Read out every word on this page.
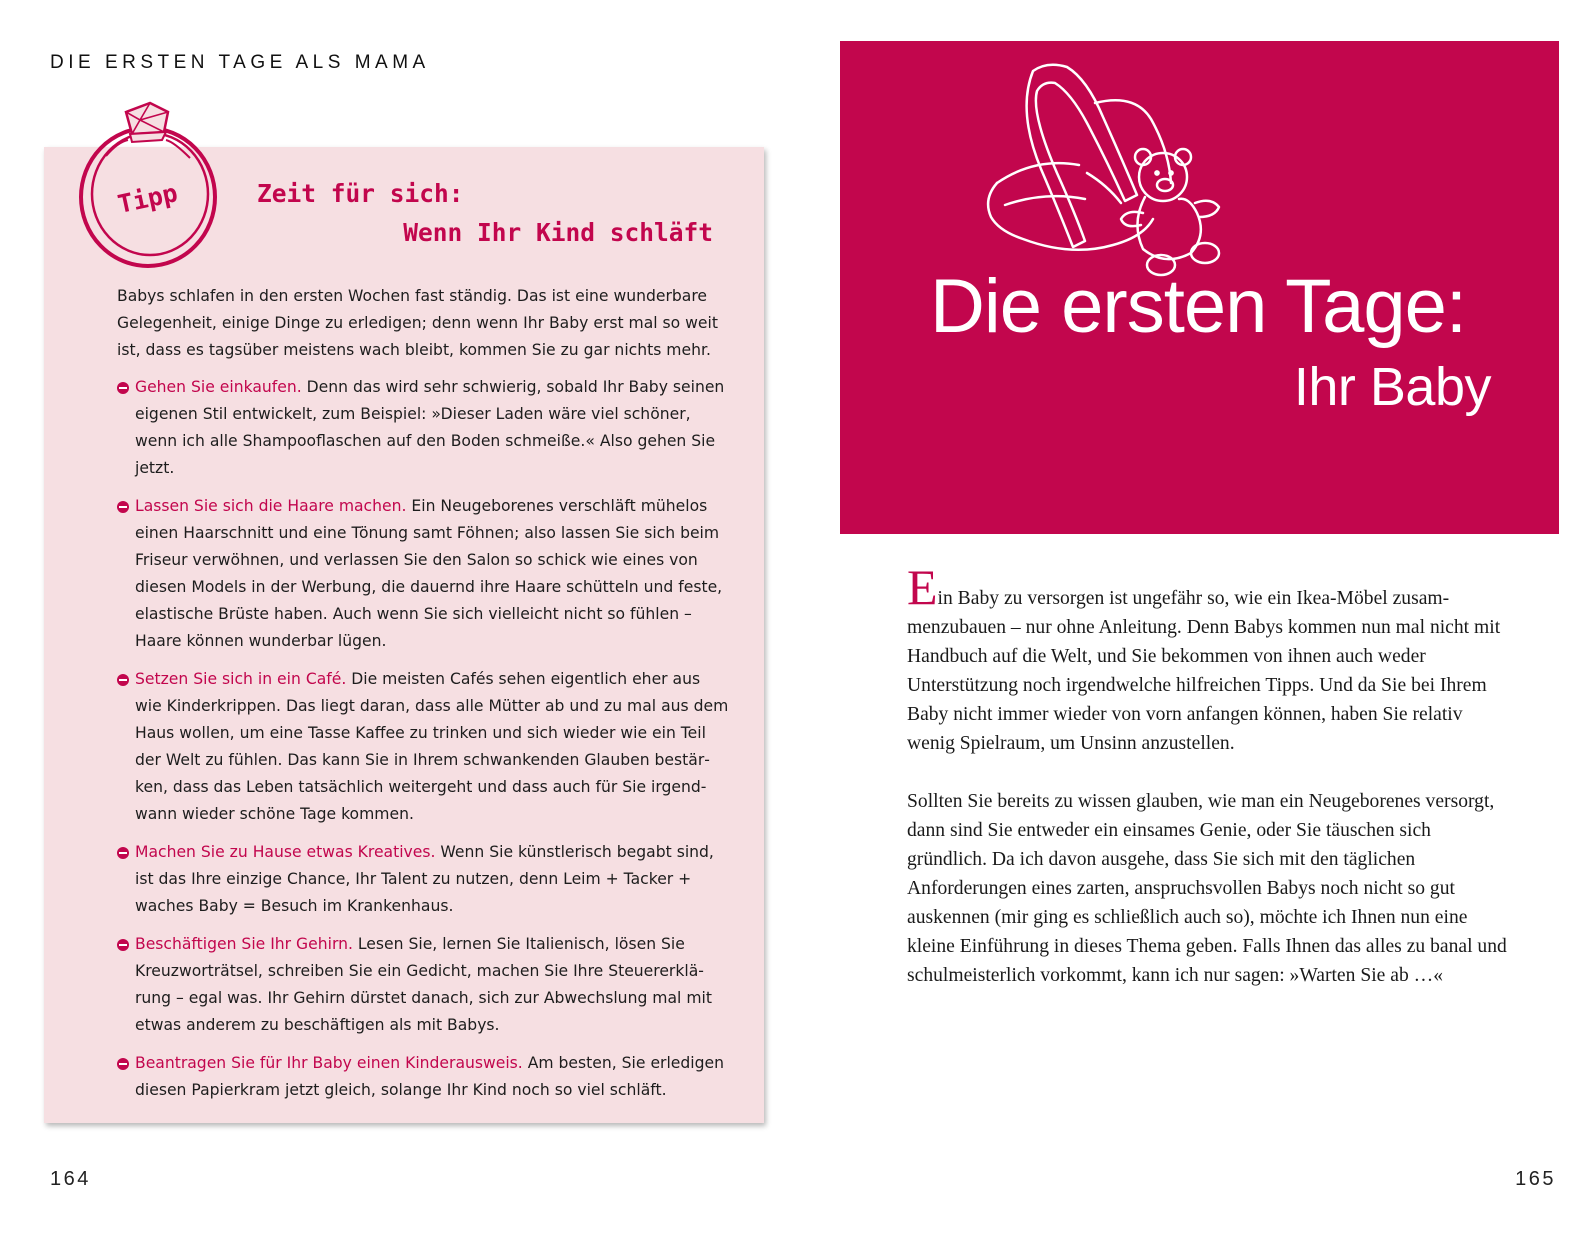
DIE ERSTEN TAGE ALS MAMA
Tipp	Zeit für sich:
Wenn Ihr Kind schläft

Babys schlafen in den ersten Wochen fast ständig. Das ist eine wunderbare Gelegenheit, einige Dinge zu erledigen; denn wenn Ihr Baby erst mal so weit ist, dass es tagsüber meistens wach bleibt, kommen Sie zu gar nichts mehr.

Gehen Sie einkaufen. Denn das wird sehr schwierig, sobald Ihr Baby seinen eigenen Stil entwickelt, zum Beispiel: »Dieser Laden wäre viel schöner, wenn ich alle Shampooflaschen auf den Boden schmeiße.« Also gehen Sie jetzt.
Lassen Sie sich die Haare machen. Ein Neugeborenes verschläft mühelos einen Haarschnitt und eine Tönung samt Föhnen; also lassen Sie sich beim Friseur verwöhnen, und verlassen Sie den Salon so schick wie eines von diesen Models in der Werbung, die dauernd ihre Haare schütteln und feste, elastische Brüste haben. Auch wenn Sie sich vielleicht nicht so fühlen – Haare können wunderbar lügen.
Setzen Sie sich in ein Café. Die meisten Cafés sehen eigentlich eher aus wie Kinderkrippen. Das liegt daran, dass alle Mütter ab und zu mal aus dem Haus wollen, um eine Tasse Kaffee zu trinken und sich wieder wie ein Teil der Welt zu fühlen. Das kann Sie in Ihrem schwankenden Glauben bestärken, dass das Leben tatsächlich weitergeht und dass auch für Sie irgendwann wieder schöne Tage kommen.
Machen Sie zu Hause etwas Kreatives. Wenn Sie künstlerisch begabt sind, ist das Ihre einzige Chance, Ihr Talent zu nutzen, denn Leim + Tacker + waches Baby = Besuch im Krankenhaus.
Beschäftigen Sie Ihr Gehirn. Lesen Sie, lernen Sie Italienisch, lösen Sie Kreuzworträtsel, schreiben Sie ein Gedicht, machen Sie Ihre Steuererklärung – egal was. Ihr Gehirn dürstet danach, sich zur Abwechslung mal mit etwas anderem zu beschäftigen als mit Babys.
Beantragen Sie für Ihr Baby einen Kinderausweis. Am besten, Sie erledigen diesen Papierkram jetzt gleich, solange Ihr Kind noch so viel schläft.
Die ersten Tage:
Ihr Baby

Ein Baby zu versorgen ist ungefähr so, wie ein Ikea-Möbel zusammenzubauen – nur ohne Anleitung. Denn Babys kommen nun mal nicht mit Handbuch auf die Welt, und Sie bekommen von ihnen auch weder Unterstützung noch irgendwelche hilfreichen Tipps. Und da Sie bei Ihrem Baby nicht immer wieder von vorn anfangen können, haben Sie relativ wenig Spielraum, um Unsinn anzustellen.

Sollten Sie bereits zu wissen glauben, wie man ein Neugeborenes versorgt, dann sind Sie entweder ein einsames Genie, oder Sie täuschen sich gründlich. Da ich davon ausgehe, dass Sie sich mit den täglichen Anforderungen eines zarten, anspruchsvollen Babys noch nicht so gut auskennen (mir ging es schließlich auch so), möchte ich Ihnen nun eine kleine Einführung in dieses Thema geben. Falls Ihnen das alles zu banal und schulmeisterlich vorkommt, kann ich nur sagen: »Warten Sie ab …«

164	165
